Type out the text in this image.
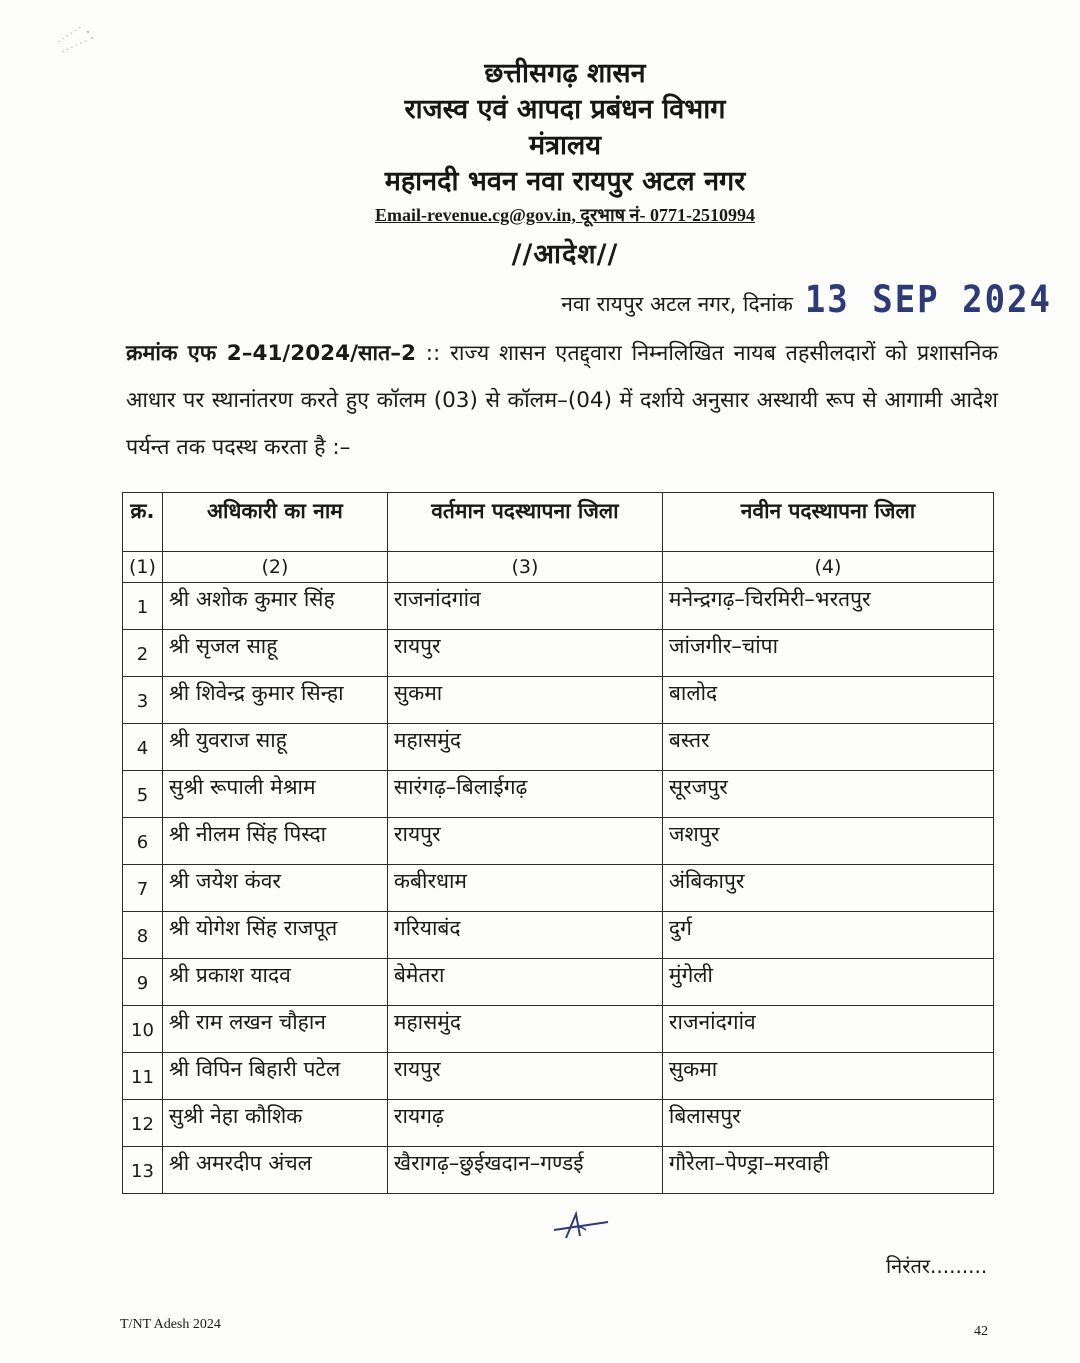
छत्तीसगढ़ शासन
राजस्व एवं आपदा प्रबंधन विभाग
मंत्रालय
महानदी भवन नवा रायपुर अटल नगर
Email-revenue.cg@gov.in, दूरभाष नं- 0771-2510994
//आदेश//
नवा रायपुर अटल नगर, दिनांक 13 SEP 2024
क्रमांक एफ 2–41/2024/सात–2 :: राज्य शासन एतद्द्वारा निम्नलिखित नायब तहसीलदारों को प्रशासनिक आधार पर स्थानांतरण करते हुए कॉलम (03) से कॉलम–(04) में दर्शाये अनुसार अस्थायी रूप से आगामी आदेश पर्यन्त तक पदस्थ करता है :–
क्र.	अधिकारी का नाम	वर्तमान पदस्थापना जिला	नवीन पदस्थापना जिला
(1)	(2)	(3)	(4)
1	श्री अशोक कुमार सिंह	राजनांदगांव	मनेन्द्रगढ़–चिरमिरी–भरतपुर
2	श्री सृजल साहू	रायपुर	जांजगीर–चांपा
3	श्री शिवेन्द्र कुमार सिन्हा	सुकमा	बालोद
4	श्री युवराज साहू	महासमुंद	बस्तर
5	सुश्री रूपाली मेश्राम	सारंगढ़–बिलाईगढ़	सूरजपुर
6	श्री नीलम सिंह पिस्दा	रायपुर	जशपुर
7	श्री जयेश कंवर	कबीरधाम	अंबिकापुर
8	श्री योगेश सिंह राजपूत	गरियाबंद	दुर्ग
9	श्री प्रकाश यादव	बेमेतरा	मुंगेली
10	श्री राम लखन चौहान	महासमुंद	राजनांदगांव
11	श्री विपिन बिहारी पटेल	रायपुर	सुकमा
12	सुश्री नेहा कौशिक	रायगढ़	बिलासपुर
13	श्री अमरदीप अंचल	खैरागढ़–छुईखदान–गण्डई	गौरेला–पेण्ड्रा–मरवाही
निरंतर.........
T/NT Adesh 2024	42
